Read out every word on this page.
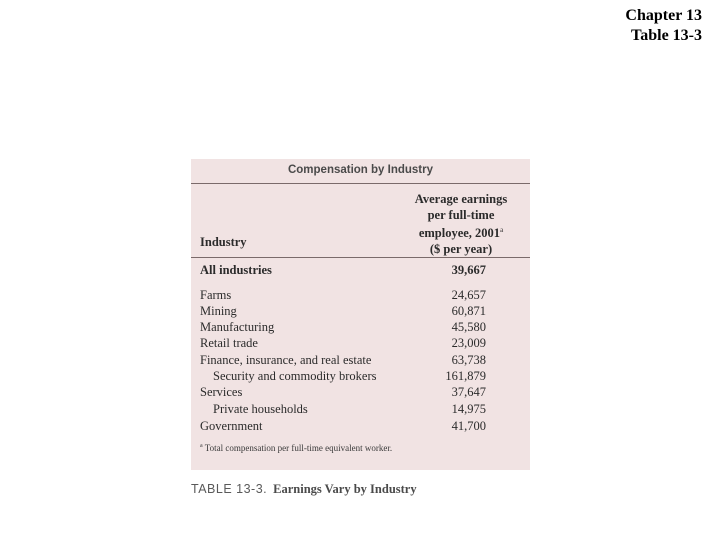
Chapter 13
Table 13-3
Compensation by Industry
Average earnings
per full-time
employee, 2001$^a$
($ per year)
Industry
All industries	39,667
Farms	24,657
Mining	60,871
Manufacturing	45,580
Retail trade	23,009
Finance, insurance, and real estate	63,738
Security and commodity brokers	161,879
Services	37,647
Private households	14,975
Government	41,700
$^a$ Total compensation per full-time equivalent worker.
TABLE 13-3. Earnings Vary by Industry
